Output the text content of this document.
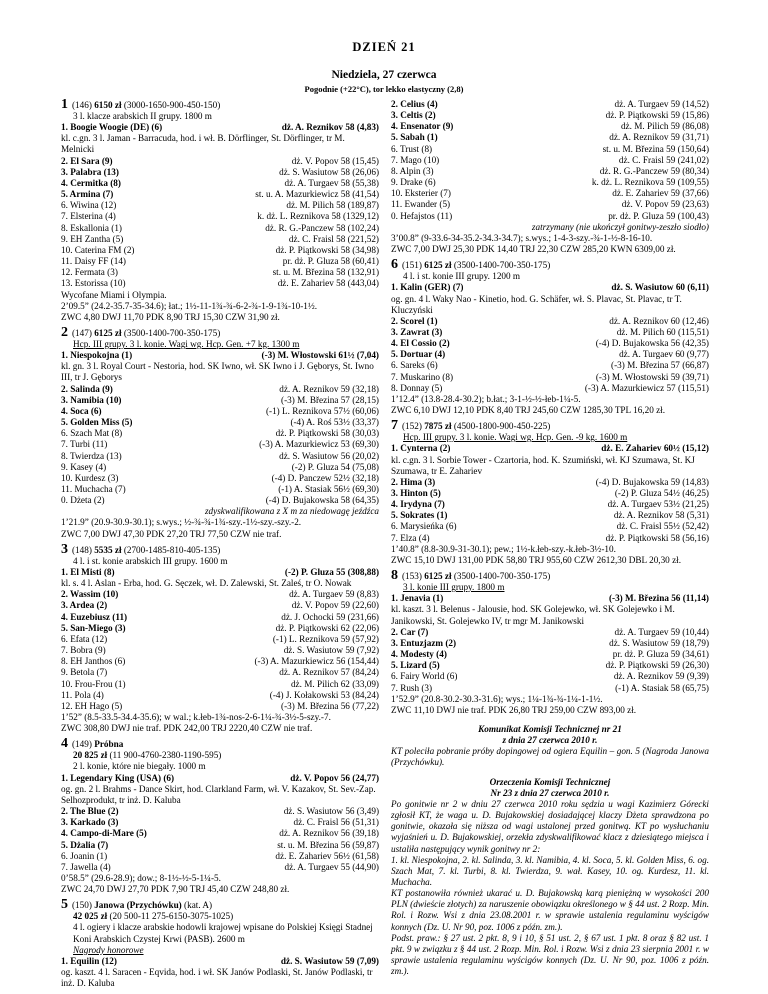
DZIEŃ 21
Niedziela, 27 czerwca
Pogodnie (+22°C), tor lekko elastyczny (2,8)
1 (146) 6150 zł (3000-1650-900-450-150)
3 l. klacze arabskich II grupy. 1800 m
1. Boogie Woogie (DE) (6)	dż. A. Reznikov 58 (4,83)
kl. c.gn. 3 l. Jaman - Barracuda, hod. i wł. B. Dörflinger, St. Dörflinger, tr M. Melnicki
2. El Sara (9)	dż. V. Popov 58 (15,45)
3. Palabra (13)	dż. S. Wasiutow 58 (26,06)
4. Cermitka (8)	dż. A. Turgaev 58 (55,38)
5. Armina (7)	st. u. A. Mazurkiewicz 58 (41,54)
6. Wiwina (12)	dż. M. Pilich 58 (189,87)
7. Elsterina (4)	k. dż. L. Reznikova 58 (1329,12)
8. Eskallonia (1)	dż. R. G.-Panczew 58 (102,24)
9. EH Zantha (5)	dż. C. Fraisl 58 (221,52)
10. Caterina FM (2)	dż. P. Piątkowski 58 (34,98)
11. Daisy FF (14)	pr. dż. P. Gluza 58 (60,41)
12. Fermata (3)	st. u. M. Březina 58 (132,91)
13. Estorissa (10)	dż. E. Zahariev 58 (443,04)
Wycofane Miami i Olympia.
2’09.5” (24.2-35.7-35-34.6); łat.; 1½-11-1¾-¾-6-2-¾-1-9-1¾-10-1½.
ZWC 4,80 DWJ 11,70 PDK 8,90 TRJ 15,30 CZW 31,90 zł.
2 (147) 6125 zł (3500-1400-700-350-175)
Hcp. III grupy. 3 l. konie. Wagi wg. Hcp. Gen. +7 kg. 1300 m
1. Niespokojna (1)	(-3) M. Włostowski 61½ (7,04)
kl. gn. 3 l. Royal Court - Nestoria, hod. SK Iwno, wł. SK Iwno i J. Gęborys, St. Iwno III, tr J. Gęborys
2. Salinda (9)	dż. A. Reznikov 59 (32,18)
3. Namibia (10)	(-3) M. Březina 57 (28,15)
4. Soca (6)	(-1) L. Reznikova 57½ (60,06)
5. Golden Miss (5)	(-4) A. Roś 53½ (33,37)
6. Szach Mat (8)	dż. P. Piątkowski 58 (30,03)
7. Turbi (11)	(-3) A. Mazurkiewicz 53 (69,30)
8. Twierdza (13)	dż. S. Wasiutow 56 (20,02)
9. Kasey (4)	(-2) P. Gluza 54 (75,08)
10. Kurdesz (3)	(-4) D. Panczew 52½ (32,18)
11. Muchacha (7)	(-1) A. Stasiak 56½ (69,30)
0. Dżeta (2)	(-4) D. Bujakowska 58 (64,35)
zdyskwalifikowana z X m za niedowagę jeźdźca
1’21.9” (20.9-30.9-30.1); s.wys.; ½-¾-¾-1¾-szy.-1½-szy.-szy.-2.
ZWC 7,00 DWJ 47,30 PDK 27,20 TRJ 77,50 CZW nie traf.
3 (148) 5535 zł (2700-1485-810-405-135)
4 l. i st. konie arabskich III grupy. 1600 m
1. El Misti (8)	(-2) P. Gluza 55 (308,88)
kl. s. 4 l. Aslan - Erba, hod. G. Sęczek, wł. D. Zalewski, St. Zaleś, tr O. Nowak
2. Wassim (10)	dż. A. Turgaev 59 (8,83)
3. Ardea (2)	dż. V. Popov 59 (22,60)
4. Euzebiusz (11)	dż. J. Ochocki 59 (231,66)
5. San-Miego (3)	dż. P. Piątkowski 62 (22,06)
6. Efata (12)	(-1) L. Reznikova 59 (57,92)
7. Bobra (9)	dż. S. Wasiutow 59 (7,92)
8. EH Janthos (6)	(-3) A. Mazurkiewicz 56 (154,44)
9. Betola (7)	dż. A. Reznikov 57 (84,24)
10. Frou-Frou (1)	dż. M. Pilich 62 (33,09)
11. Pola (4)	(-4) J. Kołakowski 53 (84,24)
12. EH Hago (5)	(-3) M. Březina 56 (77,22)
1’52” (8.5-33.5-34.4-35.6); w wal.; k.łeb-1¾-nos-2-6-1¼-¾-3½-5-szy.-7.
ZWC 308,80 DWJ nie traf. PDK 242,00 TRJ 2220,40 CZW nie traf.
4 (149) Próbna
20 825 zł (11 900-4760-2380-1190-595)
2 l. konie, które nie biegały. 1000 m
1. Legendary King (USA) (6)	dż. V. Popov 56 (24,77)
og. gn. 2 l. Brahms - Dance Skirt, hod. Clarkland Farm, wł. V. Kazakov, St. Sev.-Zap. Selhozprodukt, tr inż. D. Kaluba
2. The Blue (2)	dż. S. Wasiutow 56 (3,49)
3. Karkado (3)	dż. C. Fraisl 56 (51,31)
4. Campo-di-Mare (5)	dż. A. Reznikov 56 (39,18)
5. Dżalia (7)	st. u. M. Březina 56 (59,87)
6. Joanin (1)	dż. E. Zahariev 56½ (61,58)
7. Jawella (4)	dż. A. Turgaev 55 (44,90)
0’58.5” (29.6-28.9); dow.; 8-1½-½-5-1¼-5.
ZWC 24,70 DWJ 27,70 PDK 7,90 TRJ 45,40 CZW 248,80 zł.
5 (150) Janowa (Przychówku) (kat. A)
42 025 zł (20 500-11 275-6150-3075-1025)
4 l. ogiery i klacze arabskie hodowli krajowej wpisane do Polskiej Księgi Stadnej Koni Arabskich Czystej Krwi (PASB). 2600 m
Nagrody honorowe
1. Equilin (12)	dż. S. Wasiutow 59 (7,09)
og. kaszt. 4 l. Saracen - Eqvida, hod. i wł. SK Janów Podlaski, St. Janów Podlaski, tr inż. D. Kaluba
2. Celius (4)	dż. A. Turgaev 59 (14,52)
3. Celtis (2)	dż. P. Piątkowski 59 (15,86)
4. Ensenator (9)	dż. M. Pilich 59 (86,08)
5. Sabah (1)	dż. A. Reznikov 59 (31,71)
6. Trust (8)	st. u. M. Březina 59 (150,64)
7. Mago (10)	dż. C. Fraisl 59 (241,02)
8. Alpin (3)	dż. R. G.-Panczew 59 (80,34)
9. Drake (6)	k. dż. L. Reznikova 59 (109,55)
10. Eksterier (7)	dż. E. Zahariev 59 (37,66)
11. Ewander (5)	dż. V. Popov 59 (23,63)
0. Hefajstos (11)	pr. dż. P. Gluza 59 (100,43)
zatrzymany (nie ukończył gonitwy-zeszło siodło)
3’00.8” (9-33.6-34-35.2-34.3-34.7); s.wys.; 1-4-3-szy.-¾-1-½-8-16-10.
ZWC 7,00 DWJ 25,30 PDK 14,40 TRJ 22,30 CZW 285,20 KWN 6309,00 zł.
6 (151) 6125 zł (3500-1400-700-350-175)
4 l. i st. konie III grupy. 1200 m
1. Kalin (GER) (7)	dż. S. Wasiutow 60 (6,11)
og. gn. 4 l. Waky Nao - Kinetio, hod. G. Schäfer, wł. S. Plavac, St. Plavac, tr T. Kluczyński
2. Scorel (1)	dż. A. Reznikov 60 (12,46)
3. Zawrat (3)	dż. M. Pilich 60 (115,51)
4. El Cossio (2)	(-4) D. Bujakowska 56 (42,35)
5. Dortuar (4)	dż. A. Turgaev 60 (9,77)
6. Sareks (6)	(-3) M. Březina 57 (66,87)
7. Muskarino (8)	(-3) M. Włostowski 59 (39,71)
8. Donnay (5)	(-3) A. Mazurkiewicz 57 (115,51)
1’12.4” (13.8-28.4-30.2); b.łat.; 3-1-½-½-łeb-1¼-5.
ZWC 6,10 DWJ 12,10 PDK 8,40 TRJ 245,60 CZW 1285,30 TPL 16,20 zł.
7 (152) 7875 zł (4500-1800-900-450-225)
Hcp. III grupy. 3 l. konie. Wagi wg. Hcp. Gen. -9 kg. 1600 m
1. Cynterna (2)	dż. E. Zahariev 60½ (15,12)
kl. c.gn. 3 l. Sorbie Tower - Czartoria, hod. K. Szumiński, wł. KJ Szumawa, St. KJ Szumawa, tr E. Zahariev
2. Hima (3)	(-4) D. Bujakowska 59 (14,83)
3. Hinton (5)	(-2) P. Gluza 54½ (46,25)
4. Irydyna (7)	dż. A. Turgaev 53½ (21,25)
5. Sokrates (1)	dż. A. Reznikov 58 (5,31)
6. Marysieńka (6)	dż. C. Fraisl 55½ (52,42)
7. Elza (4)	dż. P. Piątkowski 58 (56,16)
1’40.8” (8.8-30.9-31-30.1); pew.; 1½-k.łeb-szy.-k.łeb-3½-10.
ZWC 15,10 DWJ 131,00 PDK 58,80 TRJ 955,60 CZW 2612,30 DBL 20,30 zł.
8 (153) 6125 zł (3500-1400-700-350-175)
3 l. konie III grupy. 1800 m
1. Jenavia (1)	(-3) M. Březina 56 (11,14)
kl. kaszt. 3 l. Belenus - Jalousie, hod. SK Golejewko, wł. SK Golejewko i M. Janikowski, St. Golejewko IV, tr mgr M. Janikowski
2. Car (7)	dż. A. Turgaev 59 (10,44)
3. Entuzjazm (2)	dż. S. Wasiutow 59 (18,79)
4. Modesty (4)	pr. dż. P. Gluza 59 (34,61)
5. Lizard (5)	dż. P. Piątkowski 59 (26,30)
6. Fairy World (6)	dż. A. Reznikov 59 (9,39)
7. Rush (3)	(-1) A. Stasiak 58 (65,75)
1’52.9” (20.8-30.2-30.3-31.6); wys.; 1¼-1¾-¾-1¼-1-1½.
ZWC 11,10 DWJ nie traf. PDK 26,80 TRJ 259,00 CZW 893,00 zł.
Komunikat Komisji Technicznej nr 21
z dnia 27 czerwca 2010 r.
KT poleciła pobranie próby dopingowej od ogiera Equilin – gon. 5 (Nagroda Janowa (Przychówku).
Orzeczenia Komisji Technicznej
Nr 23 z dnia 27 czerwca 2010 r.
Po gonitwie nr 2 w dniu 27 czerwca 2010 roku sędzia u wagi Kazimierz Górecki zgłosił KT, że waga u. D. Bujakowskiej dosiadającej klaczy Dżeta sprawdzona po gonitwie, okazała się niższa od wagi ustalonej przed gonitwą. KT po wysłuchaniu wyjaśnień u. D. Bujakowskiej, orzekła zdyskwalifikować klacz z dziesiątego miejsca i ustaliła następujący wynik gonitwy nr 2:
1. kl. Niespokojna, 2. kl. Salinda, 3. kl. Namibia, 4. kl. Soca, 5. kl. Golden Miss, 6. og. Szach Mat, 7. kl. Turbi, 8. kl. Twierdza, 9. wał. Kasey, 10. og. Kurdesz, 11. kl. Muchacha.
KT postanowiła również ukarać u. D. Bujakowską karą pieniężną w wysokości 200 PLN (dwieście złotych) za naruszenie obowiązku określonego w § 44 ust. 2 Rozp. Min. Rol. i Rozw. Wsi z dnia 23.08.2001 r. w sprawie ustalenia regulaminu wyścigów konnych (Dz. U. Nr 90, poz. 1006 z późn. zm.).
Podst. praw.: § 27 ust. 2 pkt. 8, 9 i 10, § 51 ust. 2, § 67 ust. 1 pkt. 8 oraz § 82 ust. 1 pkt. 9 w związku z § 44 ust. 2 Rozp. Min. Rol. i Rozw. Wsi z dnia 23 sierpnia 2001 r. w sprawie ustalenia regulaminu wyścigów konnych (Dz. U. Nr 90, poz. 1006 z późn. zm.).
